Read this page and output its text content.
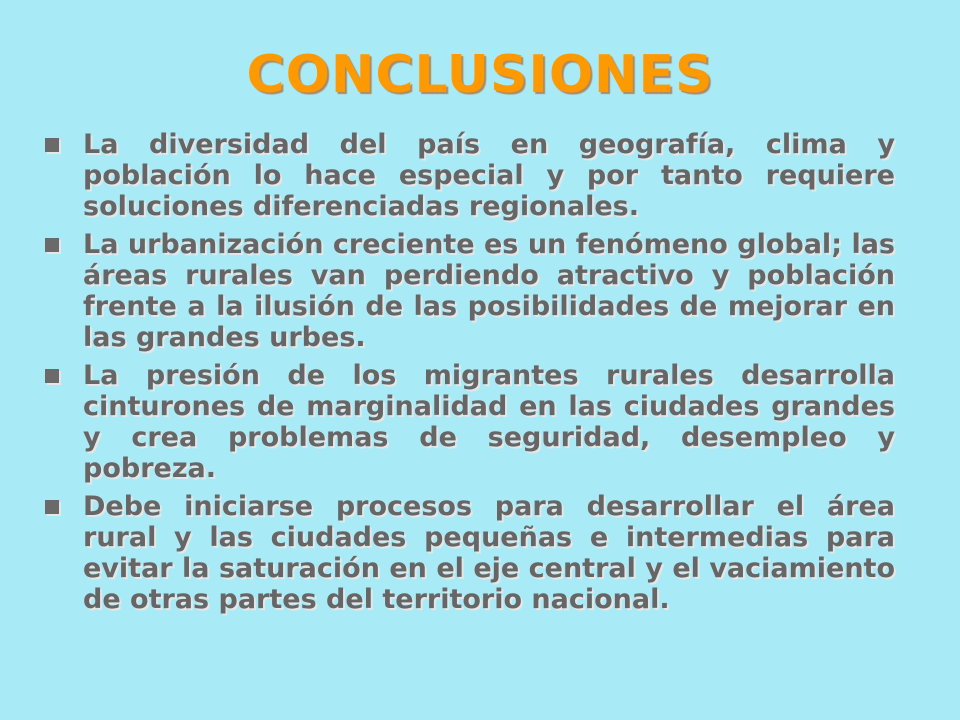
CONCLUSIONES
La diversidad del país en geografía, clima y población lo hace especial y por tanto requiere soluciones diferenciadas regionales.
La urbanización creciente es un fenómeno global; las áreas rurales van perdiendo atractivo y población frente a la ilusión de las posibilidades de mejorar en las grandes urbes.
La presión de los migrantes rurales desarrolla cinturones de marginalidad en las ciudades grandes y crea problemas de seguridad, desempleo y pobreza.
Debe iniciarse procesos para desarrollar el área rural y las ciudades pequeñas e intermedias para evitar la saturación en el eje central y el vaciamiento de otras partes del territorio nacional.
